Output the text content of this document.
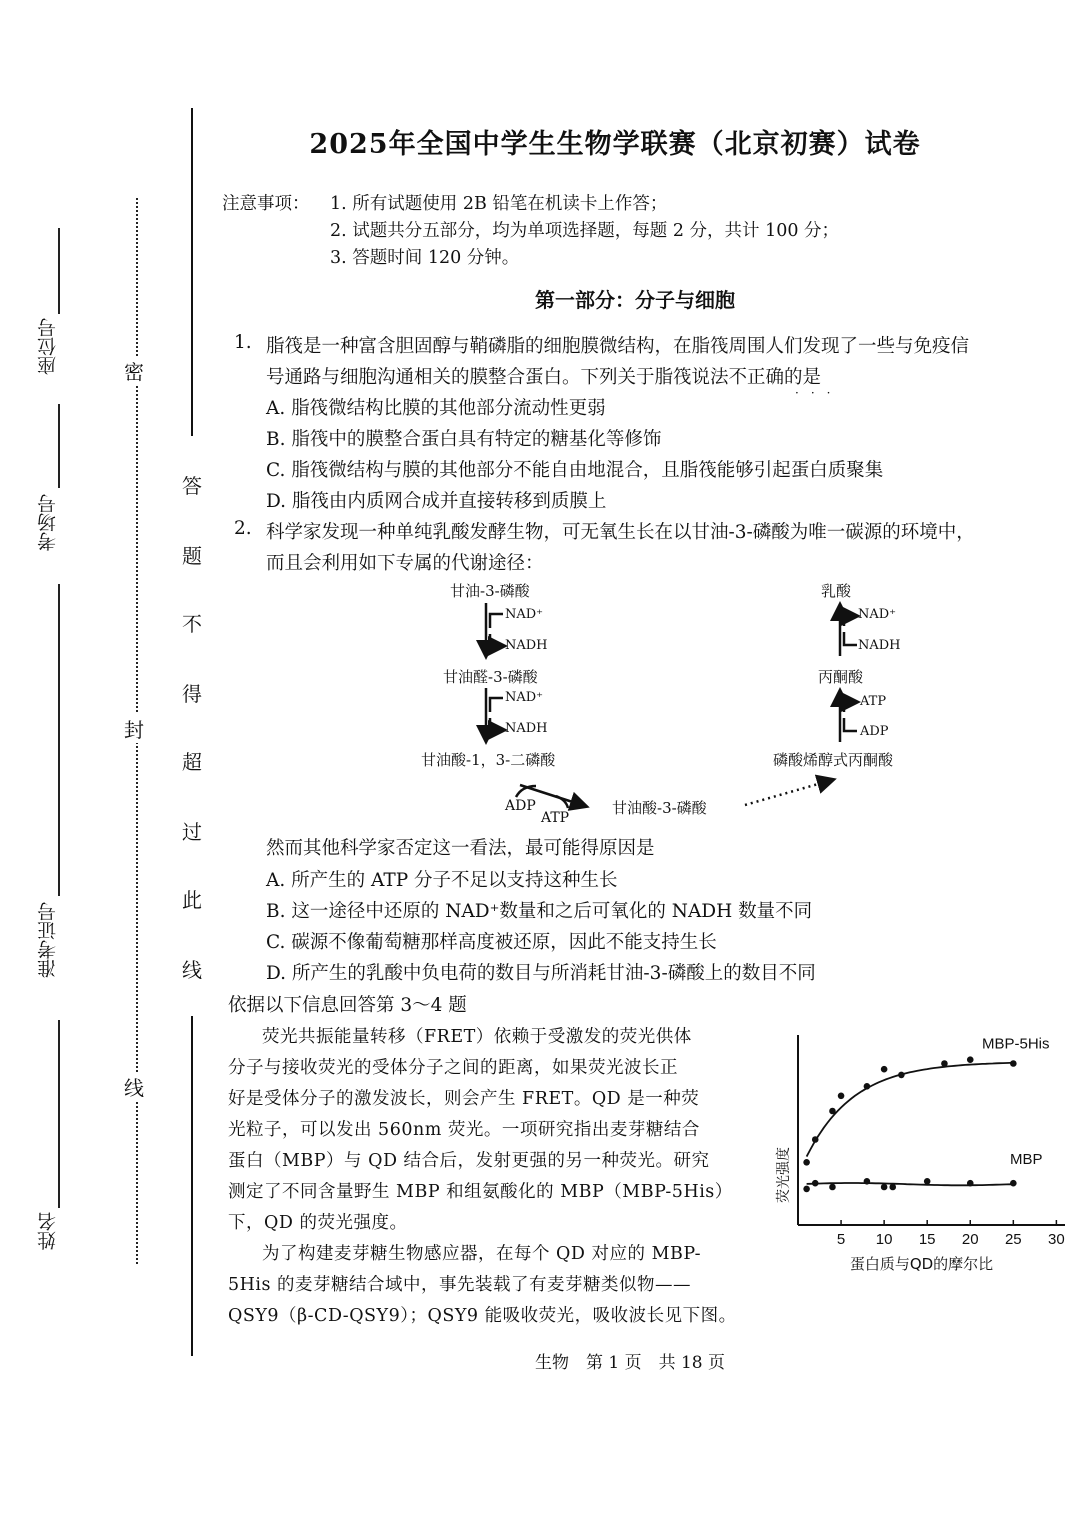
座位号
考场号
准考证号
姓名
密
封
线
答
题
不
得
超
过
此
线
2025年全国中学生生物学联赛（北京初赛）试卷
注意事项： 1. 所有试题使用 2B 铅笔在机读卡上作答；
2. 试题共分五部分，均为单项选择题，每题 2 分，共计 100 分；
3. 答题时间 120 分钟。
第一部分：分子与细胞
1. 脂筏是一种富含胆固醇与鞘磷脂的细胞膜微结构，在脂筏周围人们发现了一些与免疫信
号通路与细胞沟通相关的膜整合蛋白。下列关于脂筏说法不正确的是
···
A. 脂筏微结构比膜的其他部分流动性更弱
B. 脂筏中的膜整合蛋白具有特定的糖基化等修饰
C. 脂筏微结构与膜的其他部分不能自由地混合，且脂筏能够引起蛋白质聚集
D. 脂筏由内质网合成并直接转移到质膜上
2. 科学家发现一种单纯乳酸发酵生物，可无氧生长在以甘油-3-磷酸为唯一碳源的环境中，
而且会利用如下专属的代谢途径：
甘油-3-磷酸
NAD⁺
NADH
甘油醛-3-磷酸
NAD⁺
NADH
甘油酸-1，3-二磷酸
ADP
ATP
甘油酸-3-磷酸
乳酸
NAD⁺
NADH
丙酮酸
ATP
ADP
磷酸烯醇式丙酮酸
然而其他科学家否定这一看法，最可能得原因是
A. 所产生的 ATP 分子不足以支持这种生长
B. 这一途径中还原的 NAD⁺数量和之后可氧化的 NADH 数量不同
C. 碳源不像葡萄糖那样高度被还原，因此不能支持生长
D. 所产生的乳酸中负电荷的数目与所消耗甘油-3-磷酸上的数目不同
依据以下信息回答第 3～4 题
荧光共振能量转移（FRET）依赖于受激发的荧光供体
分子与接收荧光的受体分子之间的距离，如果荧光波长正
好是受体分子的激发波长，则会产生 FRET。QD 是一种荧
光粒子，可以发出 560nm 荧光。一项研究指出麦芽糖结合
蛋白（MBP）与 QD 结合后，发射更强的另一种荧光。研究
测定了不同含量野生 MBP 和组氨酸化的 MBP（MBP-5His）
下，QD 的荧光强度。
为了构建麦芽糖生物感应器，在每个 QD 对应的 MBP-
5His 的麦芽糖结合域中，事先装载了有麦芽糖类似物——
QSY9（β-CD-QSY9）；QSY9 能吸收荧光，吸收波长见下图。
5 10 15 20 25 30
蛋白质与QD的摩尔比
荧光强度
MBP-5His
MBP
生物　第 1 页　共 18 页
